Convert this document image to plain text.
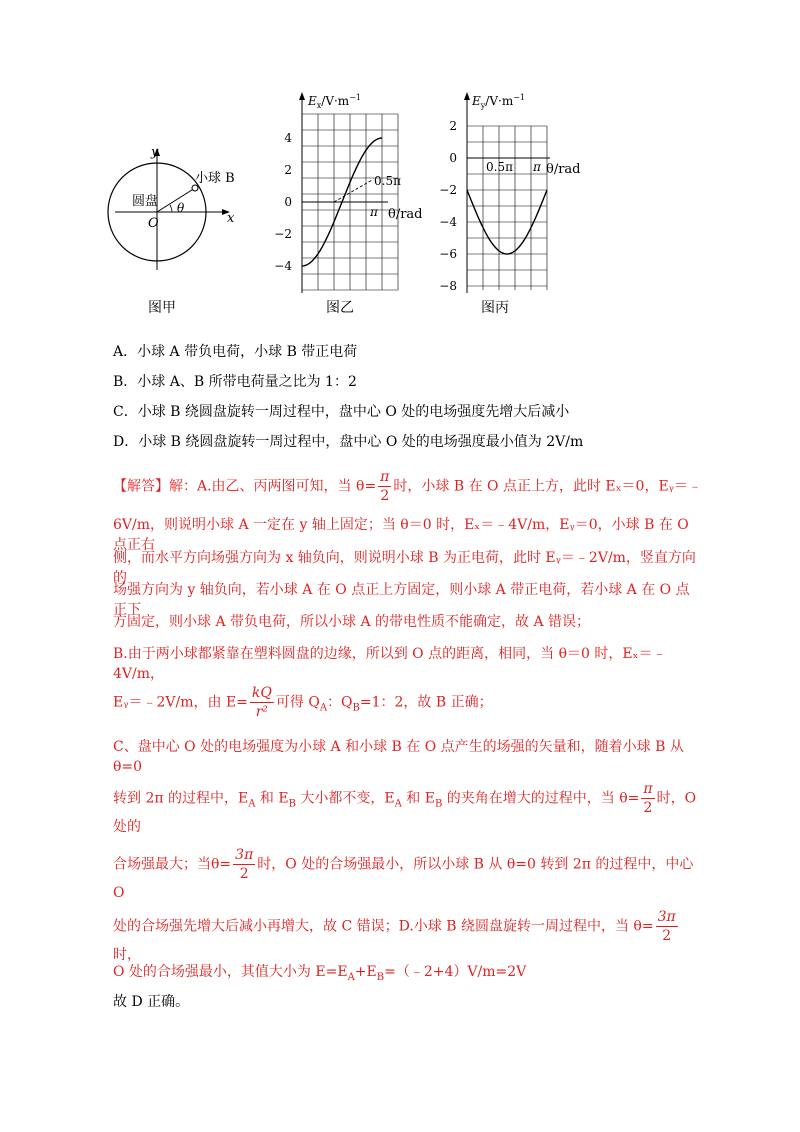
y
x
圆盘
O
小球 B
θ
图甲
$E_x/V\cdot m^{-1}$
4
2
0
−2
−4
0.5π
π θ/rad
图乙
$E_y/V\cdot m^{-1}$
2
0
−2
−4
−6
−8
0.5π π θ/rad
图丙
A．小球 A 带负电荷，小球 B 带正电荷
B．小球 A、B 所带电荷量之比为 1：2
C．小球 B 绕圆盘旋转一周过程中，盘中心 O 处的电场强度先增大后减小
D．小球 B 绕圆盘旋转一周过程中，盘中心 O 处的电场强度最小值为 2V/m
【解答】解：A.由乙、丙两图可知，当 $\theta= \frac{\pi}{2}$ 时，小球 B 在 O 点正上方，此时 Eₓ＝0，Eᵧ＝﹣
6V/m，则说明小球 A 一定在 y 轴上固定；当 θ＝0 时，Eₓ＝﹣4V/m，Eᵧ＝0，小球 B 在 O 点正右
侧，而水平方向场强方向为 x 轴负向，则说明小球 B 为正电荷，此时 Eᵧ＝﹣2V/m，竖直方向的
场强方向为 y 轴负向，若小球 A 在 O 点正上方固定，则小球 A 带正电荷，若小球 A 在 O 点正下
方固定，则小球 A 带负电荷，所以小球 A 的带电性质不能确定，故 A 错误；
B.由于两小球都紧靠在塑料圆盘的边缘，所以到 O 点的距离，相同，当 θ＝0 时，Eₓ＝﹣4V/m，
Eᵧ＝﹣2V/m，由 $E= \frac{kQ}{\text{r²}}$ 可得 $Q_A$：$Q_B=1$：2，故 B 正确；
C、盘中心 O 处的电场强度为小球 A 和小球 B 在 O 点产生的场强的矢量和，随着小球 B 从 θ=0
转到 2π 的过程中，$E_A$ 和 $E_B$ 大小都不变，$E_A$ 和 $E_B$ 的夹角在增大的过程中，当 $\theta= \frac{\pi}{2}$ 时，O 处的
合场强最大；当$\theta= \frac{3\pi}{2}$ 时，O 处的合场强最小，所以小球 B 从 θ=0 转到 2π 的过程中，中心 O
处的合场强先增大后减小再增大，故 C 错误；D.小球 B 绕圆盘旋转一周过程中，当 $\theta= \frac{3\pi}{2}$
时，
O 处的合场强最小，其值大小为 $E=E_A+E_B=(﹣2+4)V/m=2V$
故 D 正确。
